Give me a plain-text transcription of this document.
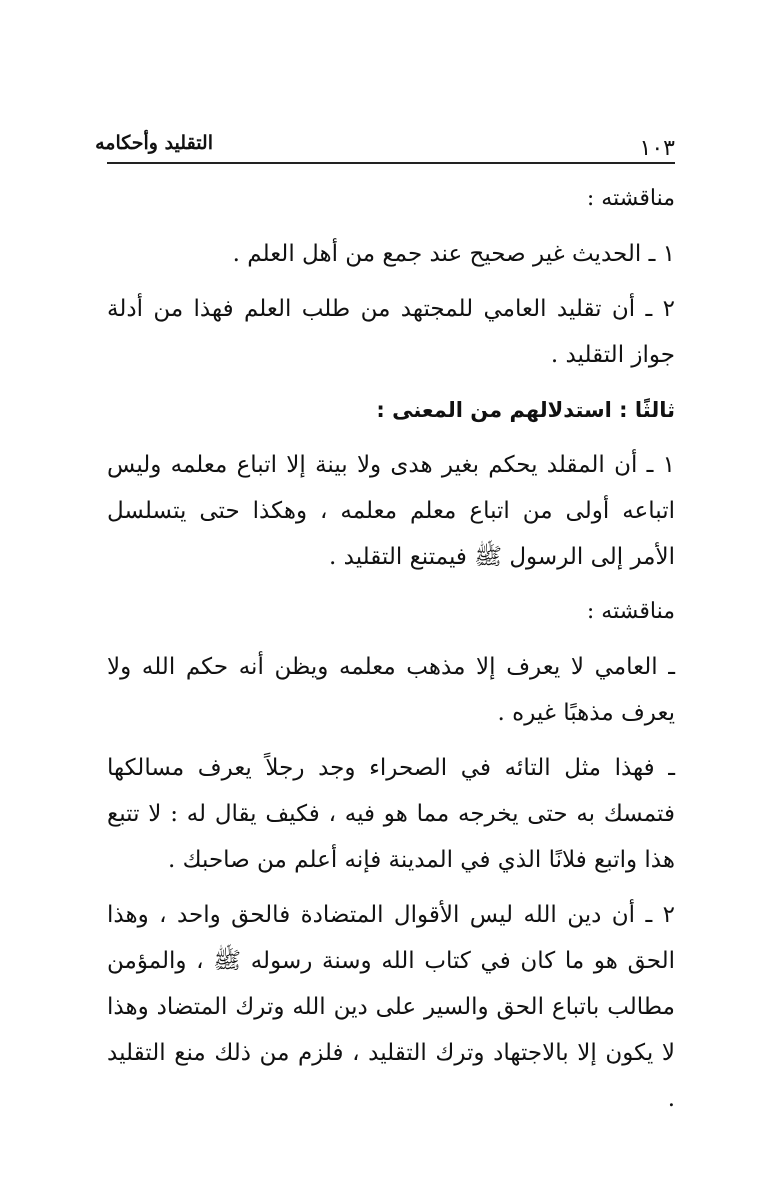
١٠٣
التقليد وأحكامه

مناقشته :

١ ـ الحديث غير صحيح عند جمع من أهل العلم .

٢ ـ أن تقليد العامي للمجتهد من طلب العلم فهذا من أدلة جواز التقليد .

ثالثًا : استدلالهم من المعنى :

١ ـ أن المقلد يحكم بغير هدى ولا بينة إلا اتباع معلمه وليس اتباعه أولى من اتباع معلم معلمه ، وهكذا حتى يتسلسل الأمر إلى الرسول ﷺ فيمتنع التقليد .

مناقشته :

ـ العامي لا يعرف إلا مذهب معلمه ويظن أنه حكم الله ولا يعرف مذهبًا غيره .

ـ فهذا مثل التائه في الصحراء وجد رجلاً يعرف مسالكها فتمسك به حتى يخرجه مما هو فيه ، فكيف يقال له : لا تتبع هذا واتبع فلانًا الذي في المدينة فإنه أعلم من صاحبك .

٢ ـ أن دين الله ليس الأقوال المتضادة فالحق واحد ، وهذا الحق هو ما كان في كتاب الله وسنة رسوله ﷺ ، والمؤمن مطالب باتباع الحق والسير على دين الله وترك المتضاد وهذا لا يكون إلا بالاجتهاد وترك التقليد ، فلزم من ذلك منع التقليد .
